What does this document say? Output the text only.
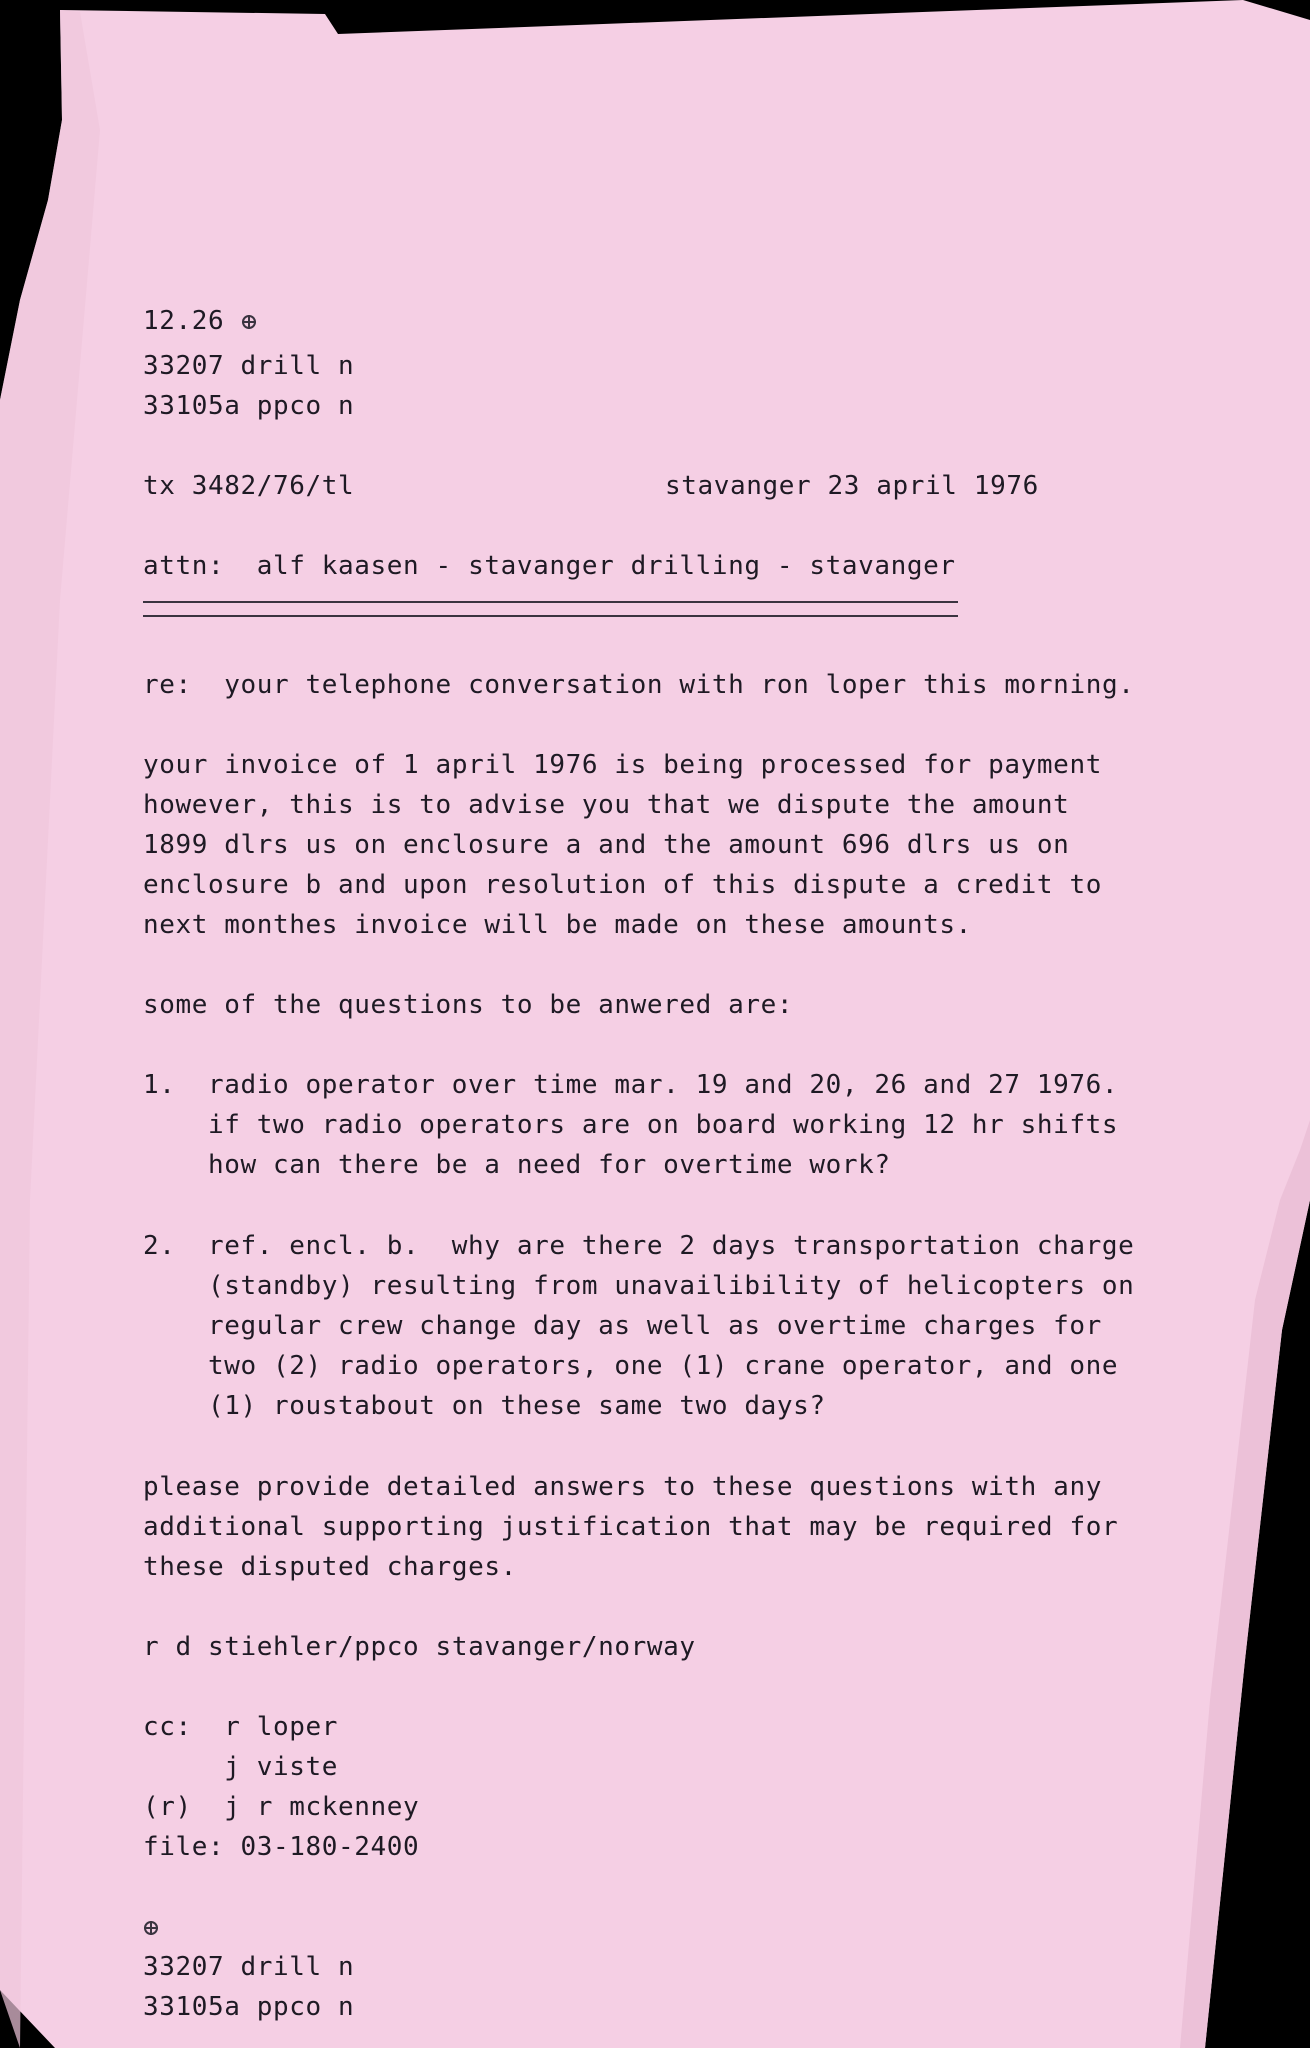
12.26
33207 drill n
33105a ppco n
tx 3482/76/tl	stavanger 23 april 1976
attn:  alf kaasen - stavanger drilling - stavanger
re:  your telephone conversation with ron loper this morning.
your invoice of 1 april 1976 is being processed for payment
however, this is to advise you that we dispute the amount
1899 dlrs us on enclosure a and the amount 696 dlrs us on
enclosure b and upon resolution of this dispute a credit to
next monthes invoice will be made on these amounts.
some of the questions to be anwered are:
1. radio operator over time mar. 19 and 20, 26 and 27 1976.
if two radio operators are on board working 12 hr shifts
how can there be a need for overtime work?
2. ref. encl. b.  why are there 2 days transportation charge
(standby) resulting from unavailibility of helicopters on
regular crew change day as well as overtime charges for
two (2) radio operators, one (1) crane operator, and one
(1) roustabout on these same two days?
please provide detailed answers to these questions with any
additional supporting justification that may be required for
these disputed charges.
r d stiehler/ppco stavanger/norway
cc:  r loper
j viste
(r)  j r mckenney
file: 03-180-2400
33207 drill n
33105a ppco n
